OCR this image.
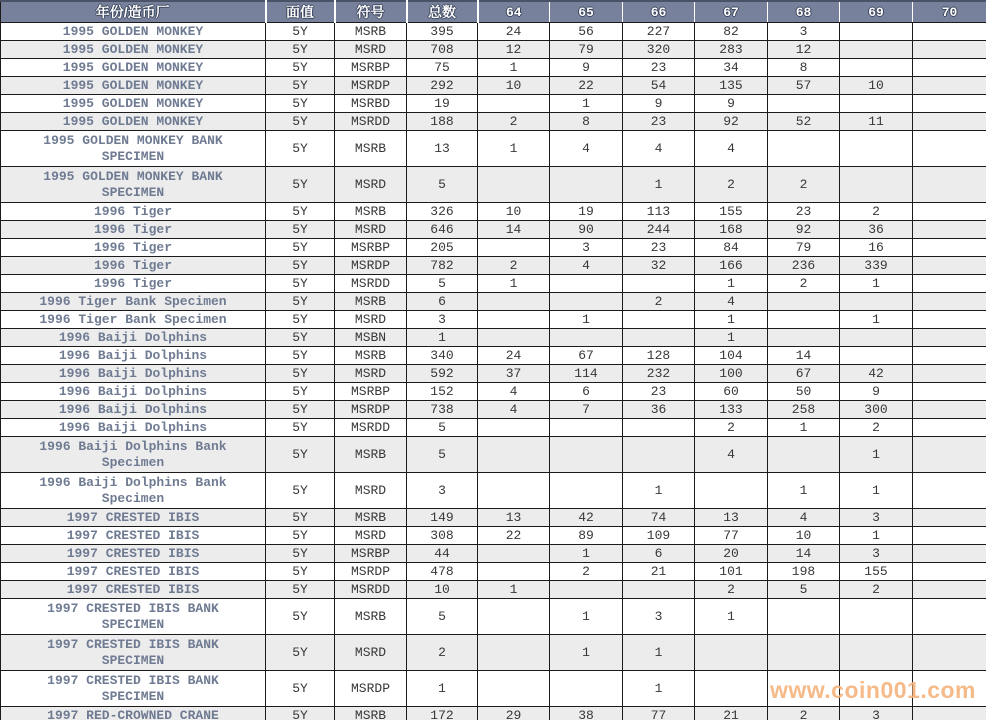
年份/造币厂	面值	符号	总数	64	65	66	67	68	69	70

1995 GOLDEN MONKEY	5Y	MSRB	395	24	56	227	82	3		

1995 GOLDEN MONKEY	5Y	MSRD	708	12	79	320	283	12		

1995 GOLDEN MONKEY	5Y	MSRBP	75	1	9	23	34	8		

1995 GOLDEN MONKEY	5Y	MSRDP	292	10	22	54	135	57	10	

1995 GOLDEN MONKEY	5Y	MSRBD	19		1	9	9			

1995 GOLDEN MONKEY	5Y	MSRDD	188	2	8	23	92	52	11	

1995 GOLDEN MONKEY BANK
SPECIMEN	5Y	MSRB	13	1	4	4	4			

1995 GOLDEN MONKEY BANK
SPECIMEN	5Y	MSRD	5			1	2	2		

1996 Tiger	5Y	MSRB	326	10	19	113	155	23	2	

1996 Tiger	5Y	MSRD	646	14	90	244	168	92	36	

1996 Tiger	5Y	MSRBP	205		3	23	84	79	16	

1996 Tiger	5Y	MSRDP	782	2	4	32	166	236	339	

1996 Tiger	5Y	MSRDD	5	1			1	2	1	

1996 Tiger Bank Specimen	5Y	MSRB	6			2	4			

1996 Tiger Bank Specimen	5Y	MSRD	3		1		1		1	

1996 Baiji Dolphins	5Y	MSBN	1				1			

1996 Baiji Dolphins	5Y	MSRB	340	24	67	128	104	14		

1996 Baiji Dolphins	5Y	MSRD	592	37	114	232	100	67	42	

1996 Baiji Dolphins	5Y	MSRBP	152	4	6	23	60	50	9	

1996 Baiji Dolphins	5Y	MSRDP	738	4	7	36	133	258	300	

1996 Baiji Dolphins	5Y	MSRDD	5				2	1	2	

1996 Baiji Dolphins Bank
Specimen	5Y	MSRB	5				4		1	

1996 Baiji Dolphins Bank
Specimen	5Y	MSRD	3			1		1	1	

1997 CRESTED IBIS	5Y	MSRB	149	13	42	74	13	4	3	

1997 CRESTED IBIS	5Y	MSRD	308	22	89	109	77	10	1	

1997 CRESTED IBIS	5Y	MSRBP	44		1	6	20	14	3	

1997 CRESTED IBIS	5Y	MSRDP	478		2	21	101	198	155	

1997 CRESTED IBIS	5Y	MSRDD	10	1			2	5	2	

1997 CRESTED IBIS BANK
SPECIMEN	5Y	MSRB	5		1	3	1			

1997 CRESTED IBIS BANK
SPECIMEN	5Y	MSRD	2		1	1				

1997 CRESTED IBIS BANK
SPECIMEN	5Y	MSRDP	1			1				

1997 RED-CROWNED CRANE	5Y	MSRB	172	29	38	77	21	2	3	
www.coin001.com
